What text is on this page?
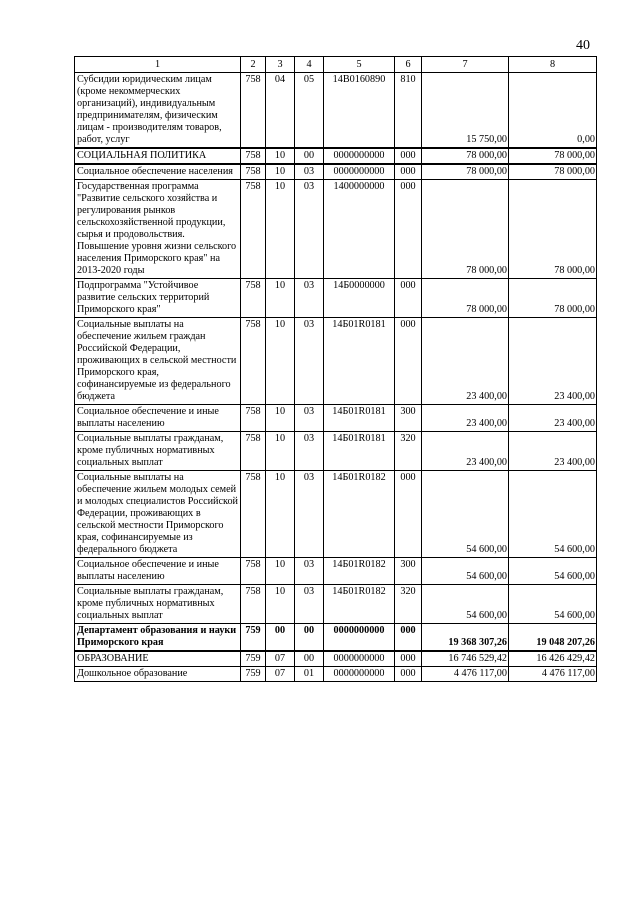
40
1	2	3	4	5	6	7	8
Субсидии юридическим лицам (кроме некоммерческих организаций), индивидуальным предпринимателям, физическим лицам - производителям товаров, работ, услуг	758	04	05	14В0160890	810	15 750,00	0,00
СОЦИАЛЬНАЯ ПОЛИТИКА	758	10	00	0000000000	000	78 000,00	78 000,00
Социальное обеспечение населения	758	10	03	0000000000	000	78 000,00	78 000,00
Государственная программа "Развитие сельского хозяйства и регулирования рынков сельскохозяйственной продукции, сырья и продовольствия. Повышение уровня жизни сельского населения Приморского края" на 2013-2020 годы	758	10	03	1400000000	000	78 000,00	78 000,00
Подпрограмма "Устойчивое развитие сельских территорий Приморского края"	758	10	03	14Б0000000	000	78 000,00	78 000,00
Социальные выплаты на обеспечение жильем граждан Российской Федерации, проживающих в сельской местности Приморского края, софинансируемые из федерального бюджета	758	10	03	14Б01R0181	000	23 400,00	23 400,00
Социальное обеспечение и иные выплаты населению	758	10	03	14Б01R0181	300	23 400,00	23 400,00
Социальные выплаты гражданам, кроме публичных нормативных социальных выплат	758	10	03	14Б01R0181	320	23 400,00	23 400,00
Социальные выплаты на обеспечение жильем молодых семей и молодых специалистов Российской Федерации, проживающих в сельской местности Приморского края, софинансируемые из федерального бюджета	758	10	03	14Б01R0182	000	54 600,00	54 600,00
Социальное обеспечение и иные выплаты населению	758	10	03	14Б01R0182	300	54 600,00	54 600,00
Социальные выплаты гражданам, кроме публичных нормативных социальных выплат	758	10	03	14Б01R0182	320	54 600,00	54 600,00
Департамент образования и науки Приморского края	759	00	00	0000000000	000	19 368 307,26	19 048 207,26
ОБРАЗОВАНИЕ	759	07	00	0000000000	000	16 746 529,42	16 426 429,42
Дошкольное образование	759	07	01	0000000000	000	4 476 117,00	4 476 117,00
